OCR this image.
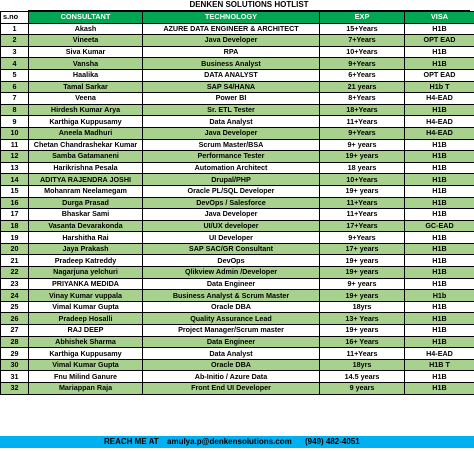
DENKEN SOLUTIONS HOTLIST
s.no	CONSULTANT	TECHNOLOGY	EXP	VISA
1	Akash	AZURE DATA ENGINEER & ARCHITECT	15+Years	H1B
2	Vineeta	Java Developer	7+Years	OPT EAD
3	Siva Kumar	RPA	10+Years	H1B
4	Vansha	Business Analyst	9+Years	H1B
5	Haalika	DATA ANALYST	6+Years	OPT EAD
6	Tamal Sarkar	SAP S4/HANA	21 years	H1b T
7	Veena	Power BI	8+Years	H4-EAD
8	Hirdesh Kumar Arya	Sr. ETL Tester	18+Years	H1B
9	Karthiga Kuppusamy	Data Analyst	11+Years	H4-EAD
10	Aneela Madhuri	Java Developer	9+Years	H4-EAD
11	Chetan Chandrashekar Kumar	Scrum Master/BSA	9+ years	H1B
12	Samba Gatamaneni	Performance Tester	19+ years	H1B
13	Harikrishna Pesala	Automation Architect	18 years	H1B
14	ADITYA RAJENDRA JOSHI	Drupal/PHP	10+Years	H1B
15	Mohanram Neelamegam	Oracle PL/SQL Developer	19+ years	H1B
16	Durga Prasad	DevOps / Salesforce	11+Years	H1B
17	Bhaskar Sami	Java Developer	11+Years	H1B
18	Vasanta Devarakonda	UI/UX developer	17+Years	GC-EAD
19	Harshitha Rai	UI Developer	9+Years	H1B
20	Jaya Prakash	SAP SAC/GR Consultant	17+ years	H1B
21	Pradeep Katreddy	DevOps	19+ years	H1B
22	Nagarjuna yelchuri	Qlikview Admin /Developer	19+ years	H1B
23	PRIYANKA MEDIDA	Data Engineer	9+ years	H1B
24	Vinay Kumar vuppala	Business Analyst & Scrum Master	19+ years	H1b
25	Vimal Kumar Gupta	Oracle DBA	18yrs	H1B
26	Pradeep Hosalli	Quality Assurance Lead	13+ Years	H1B
27	RAJ DEEP	Project Manager/Scrum master	19+ years	H1B
28	Abhishek Sharma	Data Engineer	16+ Years	H1B
29	Karthiga Kuppusamy	Data Analyst	11+Years	H4-EAD
30	Vimal Kumar Gupta	Oracle DBA	18yrs	H1B T
31	Fnu Milind Ganure	Ab-Initio / Azure Data	14.5 years	H1B
32	Mariappan Raja	Front End UI Developer	9 years	H1B
REACH ME AT amulya.p@denkensolutions.com (949) 482-4051
